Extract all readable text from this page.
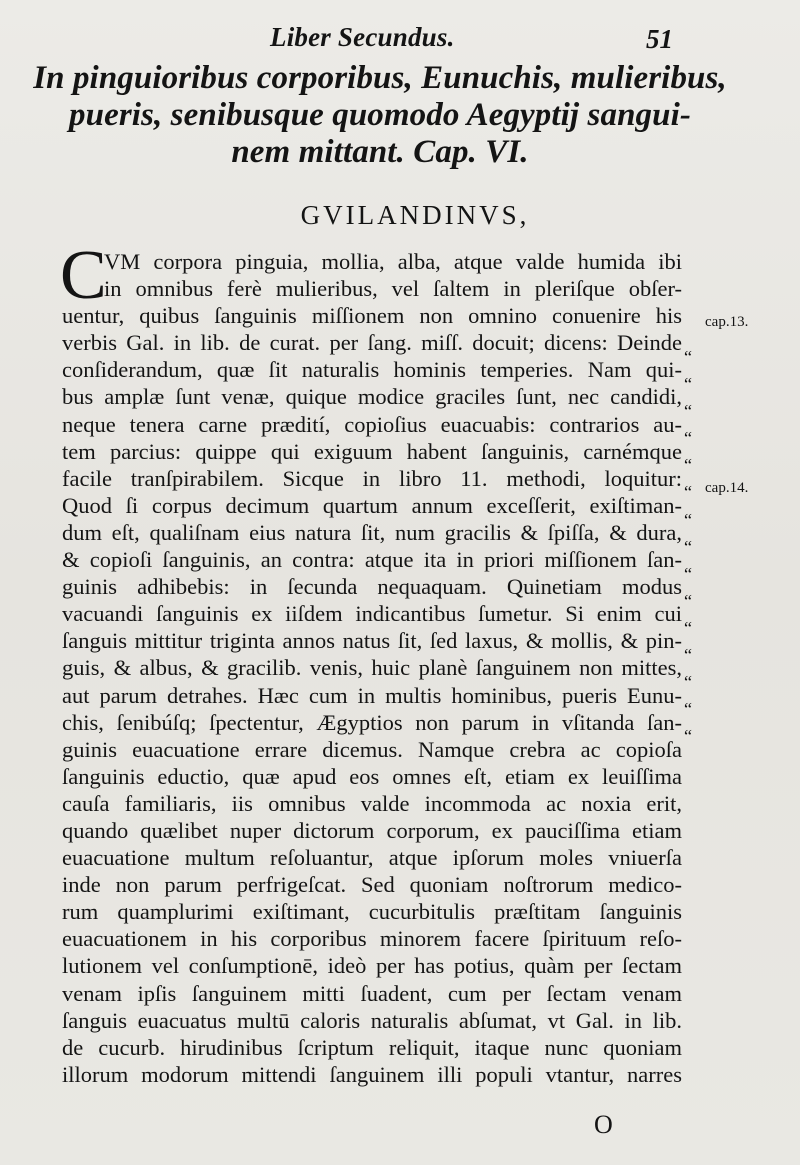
Liber Secundus.	51
In pinguioribus corporibus, Eunuchis, mulieribus,
pueris, senibusque quomodo Aegyptij sangui-
nem mittant. Cap. VI.
GVILANDINVS,
C
VM corpora pinguia, mollia, alba, atque valde humida ibi
in omnibus ferè mulieribus, vel ſaltem in pleriſque obſer-
uentur, quibus ſanguinis miſſionem non omnino conuenire his
verbis Gal. in lib. de curat. per ſang. miſſ. docuit; dicens: Deinde
conſiderandum, quæ ſit naturalis hominis temperies. Nam qui-
bus amplæ ſunt venæ, quique modice graciles ſunt, nec candidi,
neque tenera carne prædití, copioſius euacuabis: contrarios au-
tem parcius: quippe qui exiguum habent ſanguinis, carnémque
facile tranſpirabilem. Sicque in libro 11. methodi, loquitur:
Quod ſi corpus decimum quartum annum exceſſerit, exiſtiman-
dum eſt, qualiſnam eius natura ſit, num gracilis & ſpiſſa, & dura,
& copioſi ſanguinis, an contra: atque ita in priori miſſionem ſan-
guinis adhibebis: in ſecunda nequaquam. Quinetiam modus
vacuandi ſanguinis ex iiſdem indicantibus ſumetur. Si enim cui
ſanguis mittitur triginta annos natus ſit, ſed laxus, & mollis, & pin-
guis, & albus, & gracilib. venis, huic planè ſanguinem non mittes,
aut parum detrahes. Hæc cum in multis hominibus, pueris Eunu-
chis, ſenibúſq; ſpectentur, Ægyptios non parum in vſitanda ſan-
guinis euacuatione errare dicemus. Namque crebra ac copioſa
ſanguinis eductio, quæ apud eos omnes eſt, etiam ex leuiſſima
cauſa familiaris, iis omnibus valde incommoda ac noxia erit,
quando quælibet nuper dictorum corporum, ex pauciſſima etiam
euacuatione multum reſoluantur, atque ipſorum moles vniuerſa
inde non parum perfrigeſcat. Sed quoniam noſtrorum medico-
rum quamplurimi exiſtimant, cucurbitulis præſtitam ſanguinis
euacuationem in his corporibus minorem facere ſpirituum reſo-
lutionem vel conſumptionē, ideò per has potius, quàm per ſectam
venam ipſis ſanguinem mitti ſuadent, cum per ſectam venam
ſanguis euacuatus multū caloris naturalis abſumat, vt Gal. in lib.
de cucurb. hirudinibus ſcriptum reliquit, itaque nunc quoniam
illorum modorum mittendi ſanguinem illi populi vtantur, narres
“
“
“
“
“
“
“
“
“
“
“
“
“
“
“
cap.13.
cap.14.
O
